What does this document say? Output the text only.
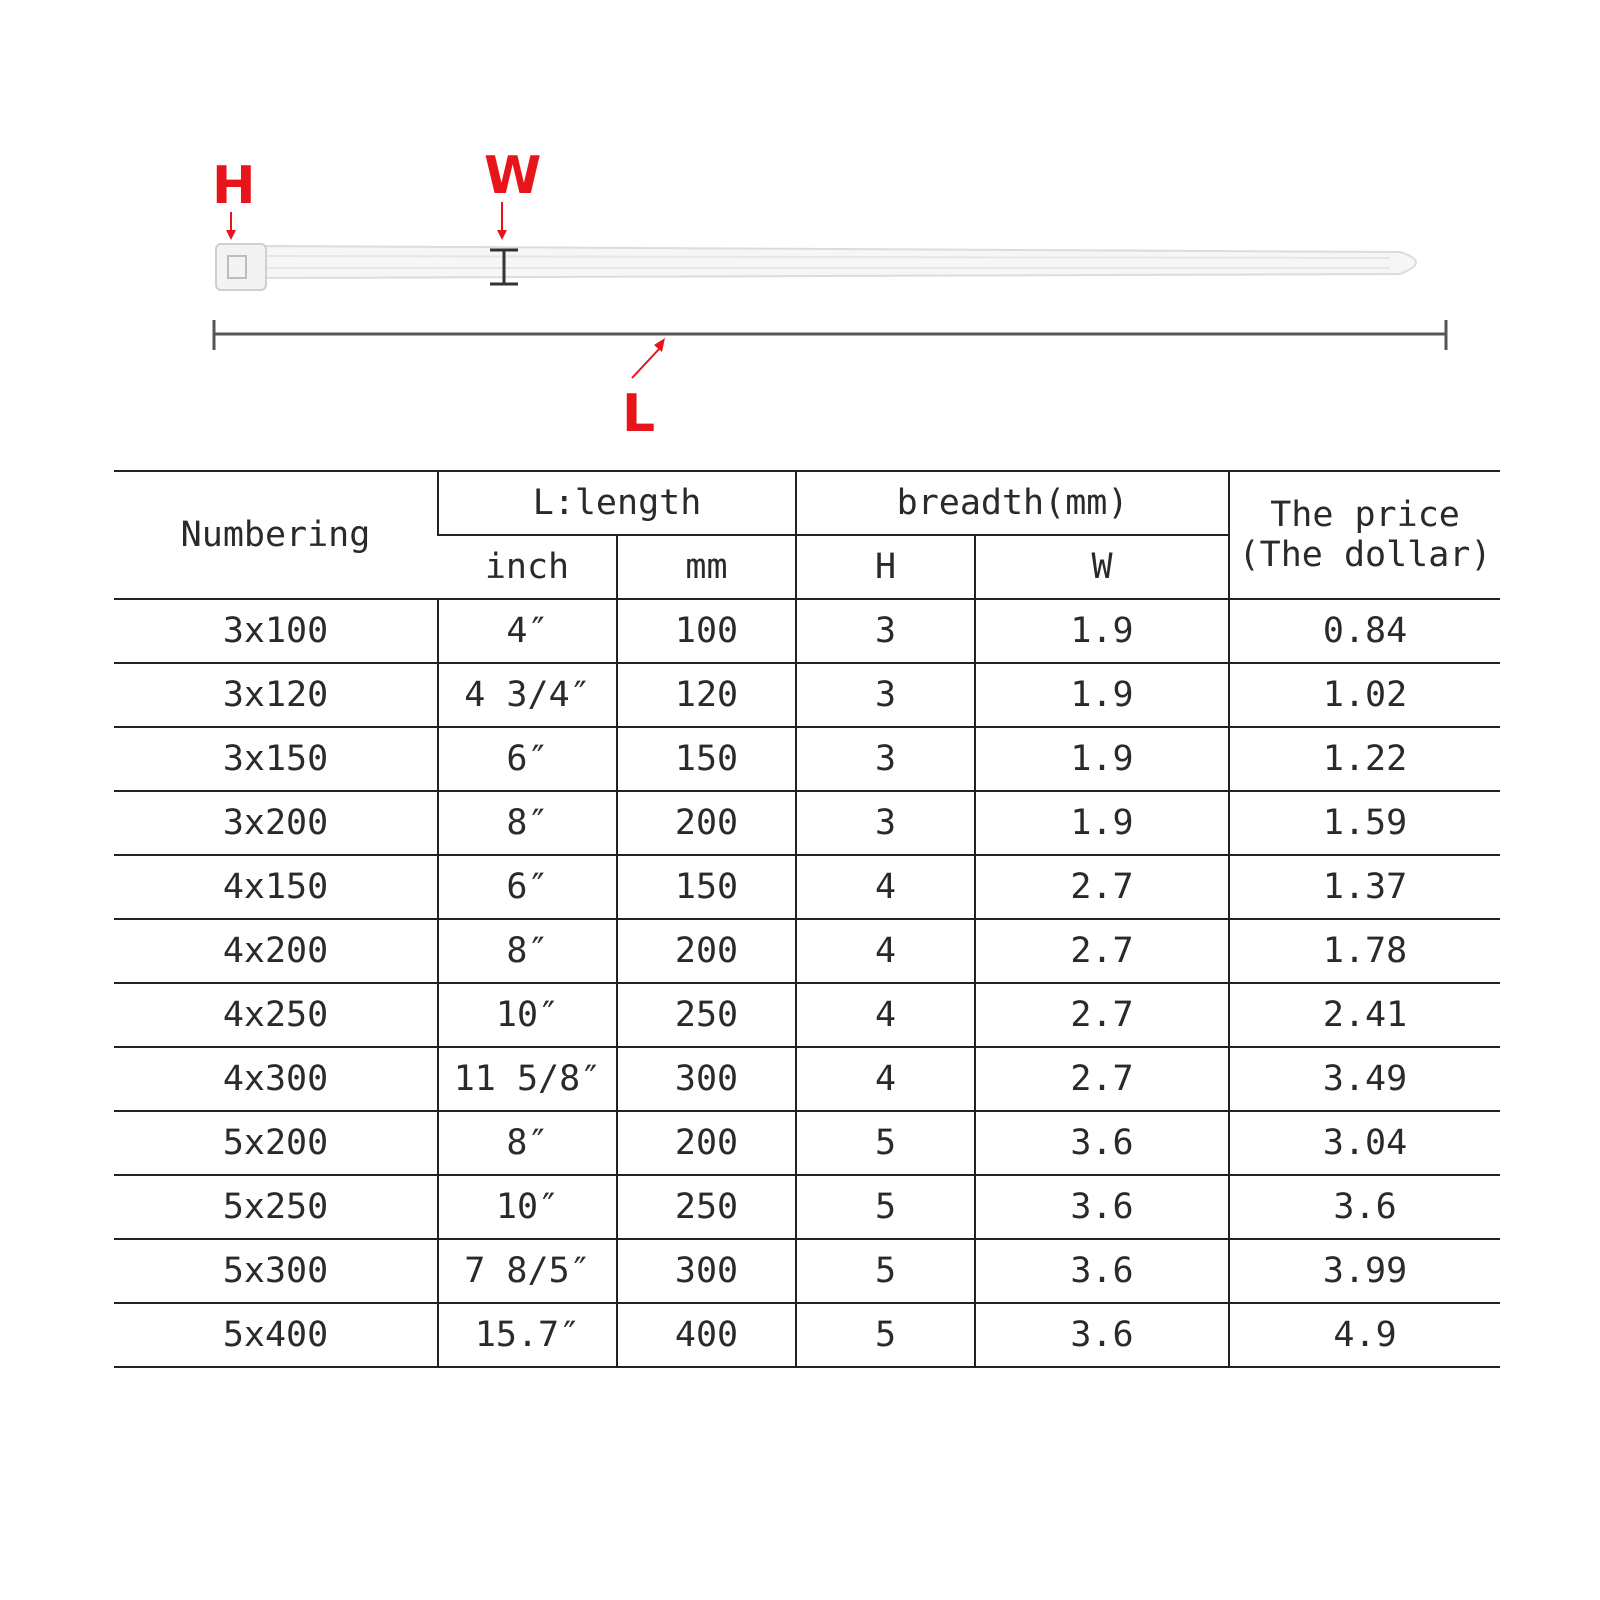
H	W
L
Numbering	L:length		breadth(mm)		The price
(The dollar)

	inch	mm	H	W	
3x100	4″	100	3	1.9	0.84
3x120	4 3/4″	120	3	1.9	1.02
3x150	6″	150	3	1.9	1.22
3x200	8″	200	3	1.9	1.59
4x150	6″	150	4	2.7	1.37
4x200	8″	200	4	2.7	1.78
4x250	10″	250	4	2.7	2.41
4x300	11 5/8″	300	4	2.7	3.49
5x200	8″	200	5	3.6	3.04
5x250	10″	250	5	3.6	3.6
5x300	7 8/5″	300	5	3.6	3.99
5x400	15.7″	400	5	3.6	4.9
